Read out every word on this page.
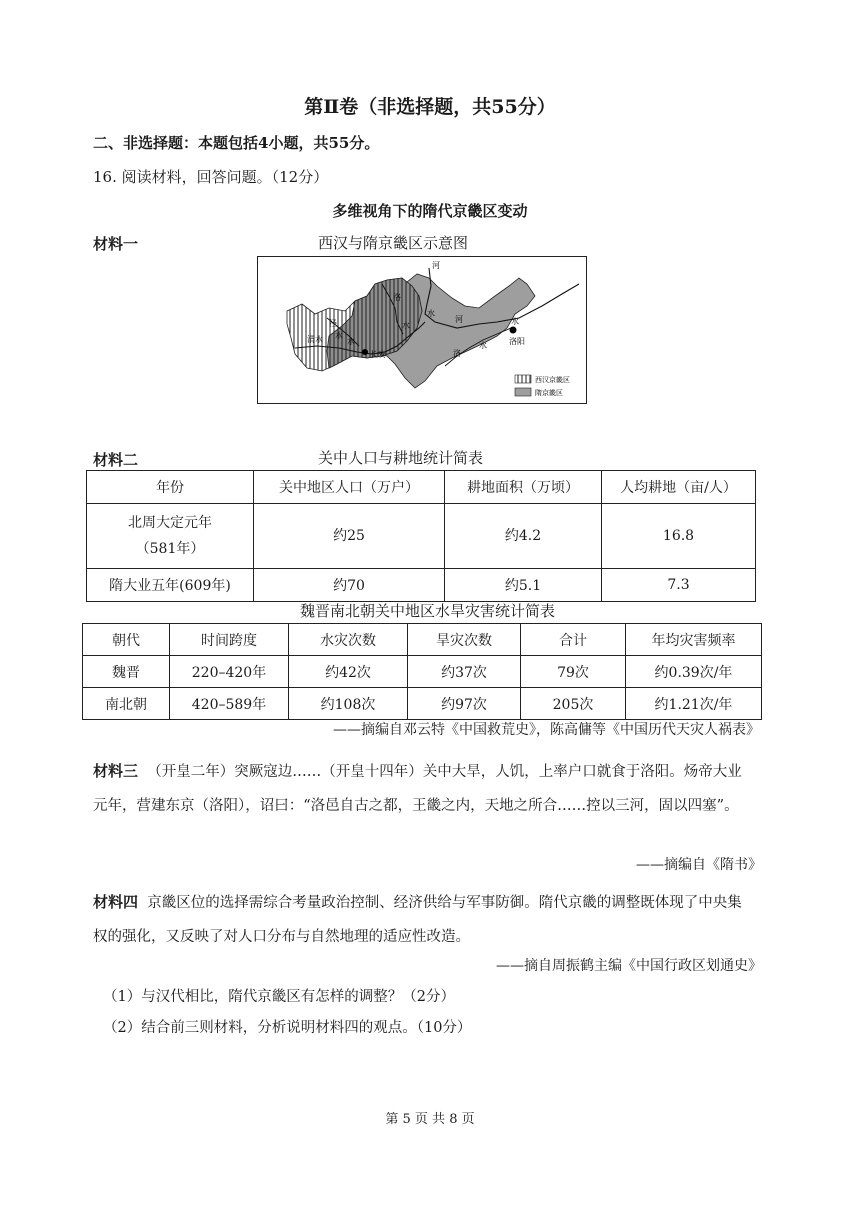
第Ⅱ卷（非选择题，共55分）
二、非选择题：本题包括4小题，共55分。
16. 阅读材料，回答问题。（12分）
多维视角下的隋代京畿区变动
材料一	西汉与隋京畿区示意图
河
洛
泾
水
水
渭水	水
河
水
洛
水
水
长安
洛阳
西汉京畿区
隋京畿区
材料二	关中人口与耕地统计简表
年份	关中地区人口（万户）	耕地面积（万顷）	人均耕地（亩/人）
北周大定元年
（581年）	约25	约4.2	16.8
隋大业五年(609年)	约70	约5.1	7.3
魏晋南北朝关中地区水旱灾害统计简表
朝代	时间跨度	水灾次数	旱灾次数	合计	年均灾害频率
魏晋	220–420年	约42次	约37次	79次	约0.39次/年
南北朝	420–589年	约108次	约97次	205次	约1.21次/年
——摘编自邓云特《中国救荒史》，陈高傭等《中国历代天灾人祸表》
材料三 （开皇二年）突厥寇边……（开皇十四年）关中大旱，人饥，上率户口就食于洛阳。炀帝大业元年，营建东京（洛阳），诏曰：“洛邑自古之都，王畿之内，天地之所合……控以三河，固以四塞”。
——摘编自《隋书》
材料四 京畿区位的选择需综合考量政治控制、经济供给与军事防御。隋代京畿的调整既体现了中央集权的强化，又反映了对人口分布与自然地理的适应性改造。
——摘自周振鹤主编《中国行政区划通史》
（1）与汉代相比，隋代京畿区有怎样的调整？（2分）
（2）结合前三则材料，分析说明材料四的观点。（10分）
第 5 页 共 8 页
